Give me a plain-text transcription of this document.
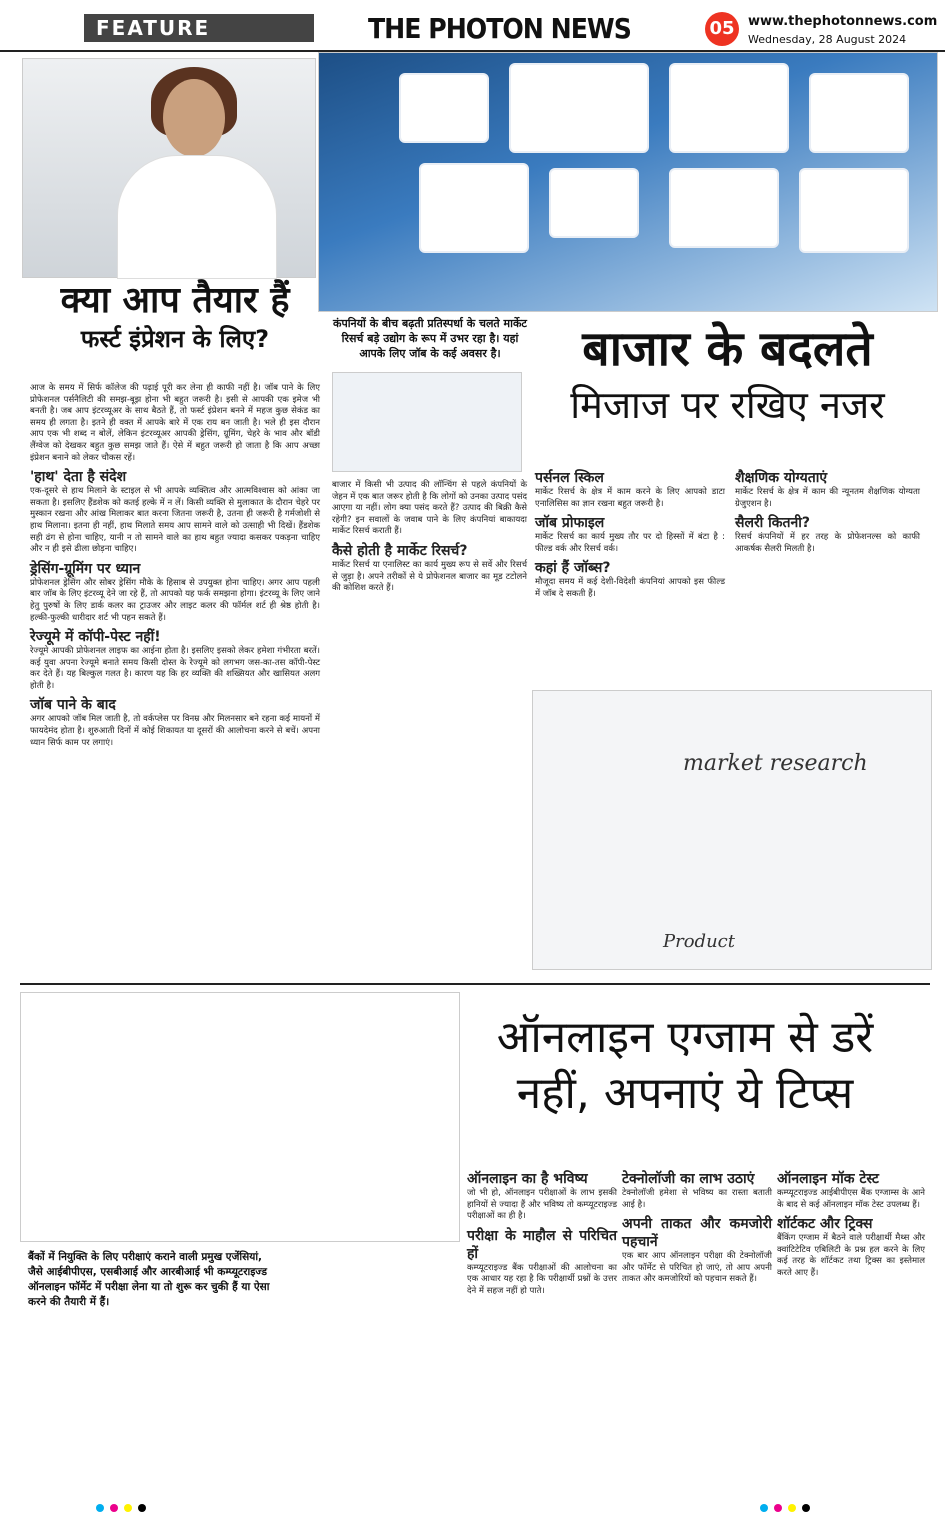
FEATURE	THE PHOTON NEWS	05	www.thephotonnews.com
Wednesday, 28 August 2024
क्या आप तैयार हैं
फर्स्ट इंप्रेशन के लिए?

आज के समय में सिर्फ कॉलेज की पढ़ाई पूरी कर लेना ही काफी नहीं है। जॉब पाने के लिए प्रोफेशनल पर्सनैलिटी की समझ-बूझ होना भी बहुत जरूरी है। इसी से आपकी एक इमेज भी बनती है। जब आप इंटरव्यूअर के साथ बैठते हैं, तो फर्स्ट इंप्रेशन बनने में महज कुछ सेकंड का समय ही लगता है। इतने ही वक्त में आपके बारे में एक राय बन जाती है। भले ही इस दौरान आप एक भी शब्द न बोलें, लेकिन इंटरव्यूअर आपकी ड्रेसिंग, ग्रूमिंग, चेहरे के भाव और बॉडी लैंग्वेज को देखकर बहुत कुछ समझ जाते हैं। ऐसे में बहुत जरूरी हो जाता है कि आप अच्छा इंप्रेशन बनाने को लेकर चौकस रहें।

'हाथ' देता है संदेश

एक-दूसरे से हाथ मिलाने के स्टाइल से भी आपके व्यक्तित्व और आत्मविश्वास को आंका जा सकता है। इसलिए हैंडशेक को कतई हल्के में न लें। किसी व्यक्ति से मुलाकात के दौरान चेहरे पर मुस्कान रखना और आंख मिलाकर बात करना जितना जरूरी है, उतना ही जरूरी है गर्मजोशी से हाथ मिलाना। इतना ही नहीं, हाथ मिलाते समय आप सामने वाले को उत्साही भी दिखें। हैंडशेक सही ढंग से होना चाहिए, यानी न तो सामने वाले का हाथ बहुत ज्यादा कसकर पकड़ना चाहिए और न ही इसे ढीला छोड़ना चाहिए।

ड्रेसिंग-ग्रूमिंग पर ध्यान

प्रोफेशनल ड्रेसिंग और सोबर ड्रेसिंग मौके के हिसाब से उपयुक्त होना चाहिए। अगर आप पहली बार जॉब के लिए इंटरव्यू देने जा रहे हैं, तो आपको यह फर्क समझना होगा। इंटरव्यू के लिए जाने हेतु पुरुषों के लिए डार्क कलर का ट्राउजर और लाइट कलर की फॉर्मल शर्ट ही श्रेष्ठ होती है। हल्की-फुल्की धारीदार शर्ट भी पहन सकते हैं।

रेज्यूमे में कॉपी-पेस्ट नहीं!

रेज्यूमे आपकी प्रोफेशनल लाइफ का आईना होता है। इसलिए इसको लेकर हमेशा गंभीरता बरतें। कई युवा अपना रेज्यूमे बनाते समय किसी दोस्त के रेज्यूमे को लगभग जस-का-तस कॉपी-पेस्ट कर देते हैं। यह बिल्कुल गलत है। कारण यह कि हर व्यक्ति की शख्सियत और खासियत अलग होती है।

जॉब पाने के बाद

अगर आपको जॉब मिल जाती है, तो वर्कप्लेस पर विनम्र और मिलनसार बने रहना कई मायनों में फायदेमंद होता है। शुरुआती दिनों में कोई शिकायत या दूसरों की आलोचना करने से बचें। अपना ध्यान सिर्फ काम पर लगाएं।

कंपनियों के बीच बढ़ती प्रतिस्पर्धा के चलते मार्केट रिसर्च बड़े उद्योग के रूप में उभर रहा है। यहां आपके लिए जॉब के कई अवसर है।	बाजार के बदलते
मिजाज पर रखिए नजर

बाजार में किसी भी उत्पाद की लॉन्चिंग से पहले कंपनियों के जेहन में एक बात जरूर होती है कि लोगों को उनका उत्पाद पसंद आएगा या नहीं। लोग क्या पसंद करते हैं? उत्पाद की बिक्री कैसे रहेगी? इन सवालों के जवाब पाने के लिए कंपनियां बाकायदा मार्केट रिसर्च कराती हैं।

कैसे होती है मार्केट रिसर्च?

मार्केट रिसर्च या एनालिस्ट का कार्य मुख्य रूप से सर्वे और रिसर्च से जुड़ा है। अपने तरीकों से ये प्रोफेशनल बाजार का मूड टटोलने की कोशिश करते हैं।

पर्सनल स्किल

मार्केट रिसर्च के क्षेत्र में काम करने के लिए आपको डाटा एनालिसिस का ज्ञान रखना बहुत जरूरी है।

जॉब प्रोफाइल

मार्केट रिसर्च का कार्य मुख्य तौर पर दो हिस्सों में बंटा है : फील्ड वर्क और रिसर्च वर्क।

कहां हैं जॉब्स?

मौजूदा समय में कई देशी-विदेशी कंपनियां आपको इस फील्ड में जॉब दे सकती हैं।

शैक्षणिक योग्यताएं

मार्केट रिसर्च के क्षेत्र में काम की न्यूनतम शैक्षणिक योग्यता ग्रेजुएशन है।

सैलरी कितनी?

रिसर्च कंपनियों में हर तरह के प्रोफेशनल्स को काफी आकर्षक सैलरी मिलती है।

market research
Product
ऑनलाइन एग्जाम से डरें
नहीं, अपनाएं ये टिप्स
बैंकों में नियुक्ति के लिए परीक्षाएं कराने वाली प्रमुख एजेंसियां, जैसे आईबीपीएस, एसबीआई और आरबीआई भी कम्प्यूटराइज्ड ऑनलाइन फॉर्मेट में परीक्षा लेना या तो शुरू कर चुकी हैं या ऐसा करने की तैयारी में हैं।
ऑनलाइन का है भविष्य

जो भी हो, ऑनलाइन परीक्षाओं के लाभ इसकी हानियों से ज्यादा हैं और भविष्य तो कम्प्यूटराइज्ड परीक्षाओं का ही है।

परीक्षा के माहौल से परिचित हों

कम्प्यूटराइज्ड बैंक परीक्षाओं की आलोचना का एक आधार यह रहा है कि परीक्षार्थी प्रश्नों के उत्तर देने में सहज नहीं हो पाते।

टेक्नोलॉजी का लाभ उठाएं

टेक्नोलॉजी हमेशा से भविष्य का रास्ता बताती आई है।

अपनी ताकत और कमजोरी पहचानें

एक बार आप ऑनलाइन परीक्षा की टेक्नोलॉजी और फॉर्मेट से परिचित हो जाएं, तो आप अपनी ताकत और कमजोरियों को पहचान सकते हैं।

ऑनलाइन मॉक टेस्ट

कम्प्यूटराइज्ड आईबीपीएस बैंक एग्जाम्स के आने के बाद से कई ऑनलाइन मॉक टेस्ट उपलब्ध हैं।

शॉर्टकट और ट्रिक्स

बैंकिंग एग्जाम में बैठने वाले परीक्षार्थी मैथ्स और क्वांटिटेटिव एबिलिटी के प्रश्न हल करने के लिए कई तरह के शॉर्टकट तथा ट्रिक्स का इस्तेमाल करते आए हैं।
